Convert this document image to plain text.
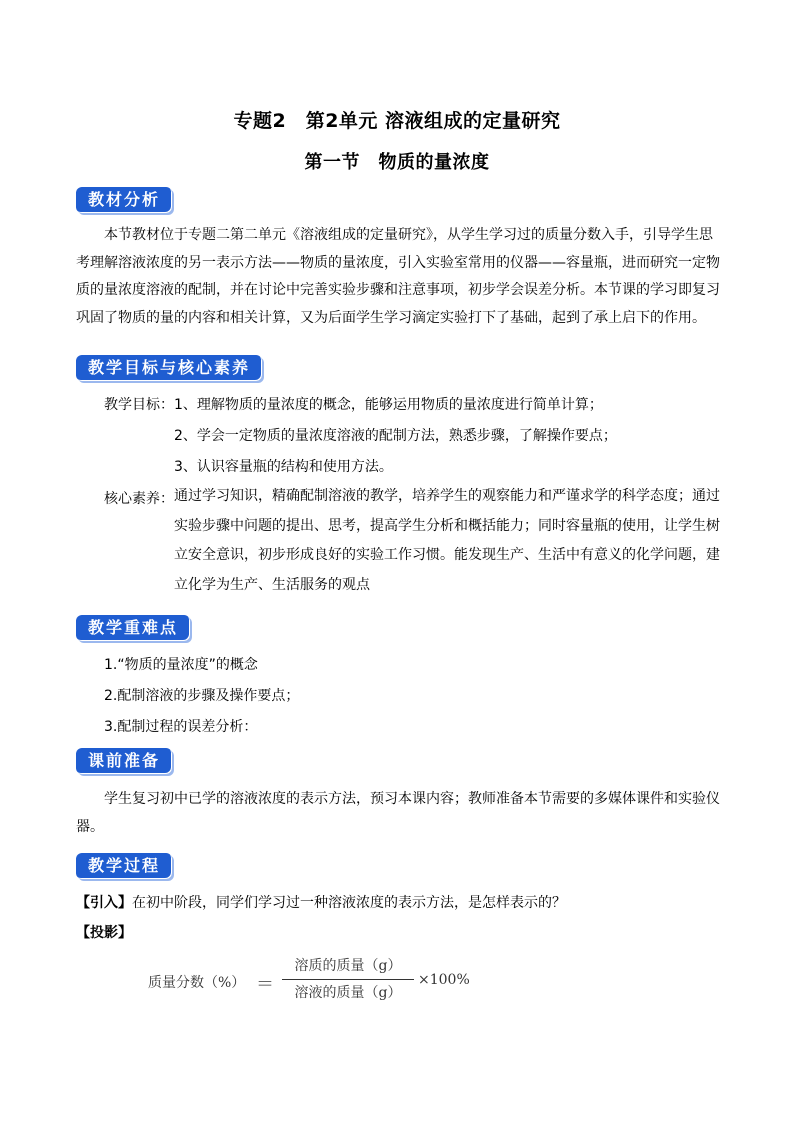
专题2　第2单元 溶液组成的定量研究
第一节　物质的量浓度
教材分析

本节教材位于专题二第二单元《溶液组成的定量研究》，从学生学习过的质量分数入手，引导学生思考理解溶液浓度的另一表示方法——物质的量浓度，引入实验室常用的仪器——容量瓶，进而研究一定物质的量浓度溶液的配制，并在讨论中完善实验步骤和注意事项，初步学会误差分析。本节课的学习即复习巩固了物质的量的内容和相关计算，又为后面学生学习滴定实验打下了基础，起到了承上启下的作用。

教学目标与核心素养
教学目标： 1、理解物质的量浓度的概念，能够运用物质的量浓度进行简单计算；
2、学会一定物质的量浓度溶液的配制方法，熟悉步骤，了解操作要点；
3、认识容量瓶的结构和使用方法。
核心素养： 通过学习知识，精确配制溶液的教学，培养学生的观察能力和严谨求学的科学态度；通过实验步骤中问题的提出、思考，提高学生分析和概括能力；同时容量瓶的使用，让学生树立安全意识，初步形成良好的实验工作习惯。能发现生产、生活中有意义的化学问题，建立化学为生产、生活服务的观点

教学重难点
1.“物质的量浓度”的概念
2.配制溶液的步骤及操作要点；
3.配制过程的误差分析：
课前准备

学生复习初中已学的溶液浓度的表示方法，预习本课内容；教师准备本节需要的多媒体课件和实验仪器。

教学过程
【引入】在初中阶段，同学们学习过一种溶液浓度的表示方法，是怎样表示的？
【投影】
质量分数（%） ＝
溶质的质量（g）
溶液的质量（g）
×100%
